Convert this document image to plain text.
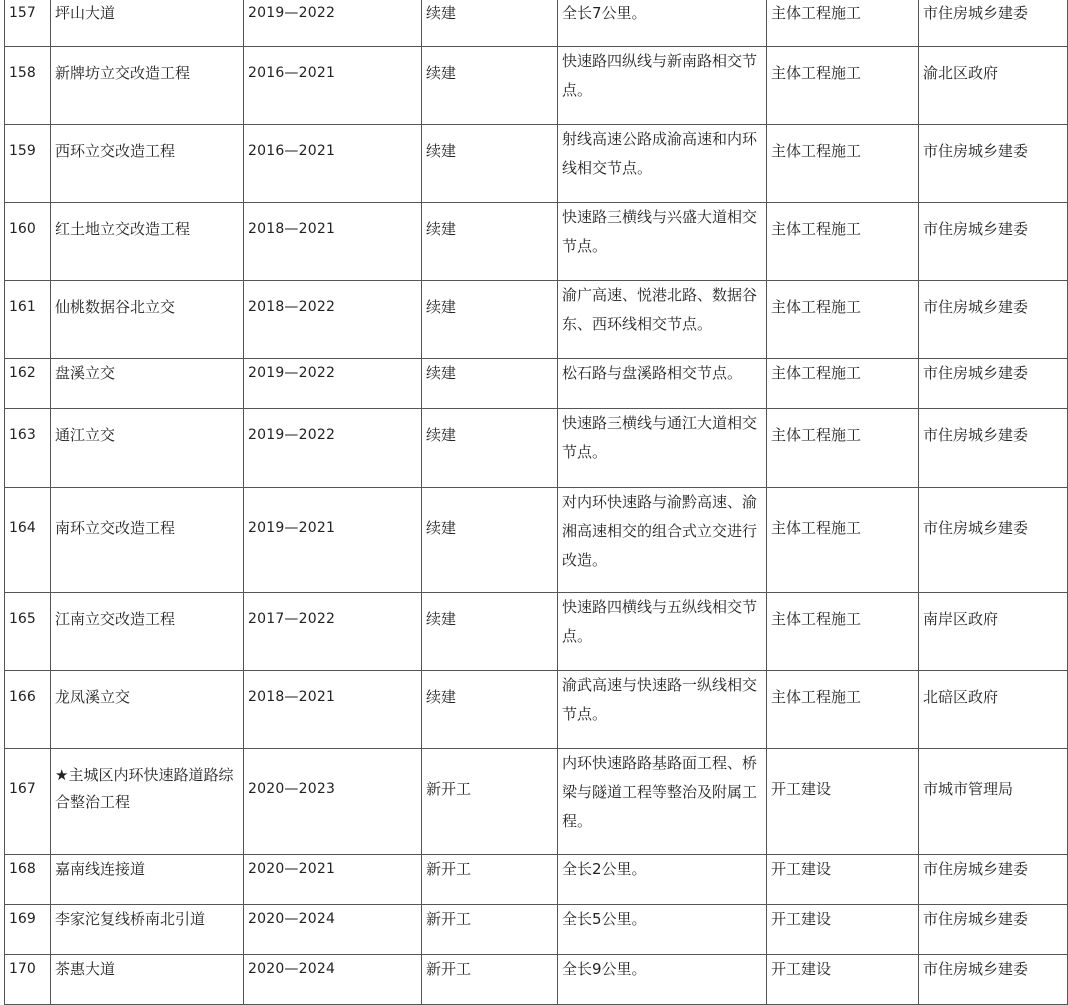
157	坪山大道	2019—2022	续建	全长7公里。	主体工程施工	市住房城乡建委

158	新牌坊立交改造工程	2016—2021	续建	快速路四纵线与新南路相交节点。	主体工程施工	渝北区政府

159	西环立交改造工程	2016—2021	续建	射线高速公路成渝高速和内环线相交节点。	主体工程施工	市住房城乡建委

160	红土地立交改造工程	2018—2021	续建	快速路三横线与兴盛大道相交节点。	主体工程施工	市住房城乡建委

161	仙桃数据谷北立交	2018—2022	续建	渝广高速、悦港北路、数据谷东、西环线相交节点。	主体工程施工	市住房城乡建委

162	盘溪立交	2019—2022	续建	松石路与盘溪路相交节点。	主体工程施工	市住房城乡建委

163	通江立交	2019—2022	续建	快速路三横线与通江大道相交节点。	主体工程施工	市住房城乡建委

164	南环立交改造工程	2019—2021	续建	对内环快速路与渝黔高速、渝湘高速相交的组合式立交进行改造。	主体工程施工	市住房城乡建委

165	江南立交改造工程	2017—2022	续建	快速路四横线与五纵线相交节点。	主体工程施工	南岸区政府

166	龙凤溪立交	2018—2021	续建	渝武高速与快速路一纵线相交节点。	主体工程施工	北碚区政府

167	★主城区内环快速路道路综合整治工程	2020—2023	新开工	内环快速路路基路面工程、桥梁与隧道工程等整治及附属工程。	开工建设	市城市管理局

168	嘉南线连接道	2020—2021	新开工	全长2公里。	开工建设	市住房城乡建委

169	李家沱复线桥南北引道	2020—2024	新开工	全长5公里。	开工建设	市住房城乡建委

170	茶惠大道	2020—2024	新开工	全长9公里。	开工建设	市住房城乡建委
